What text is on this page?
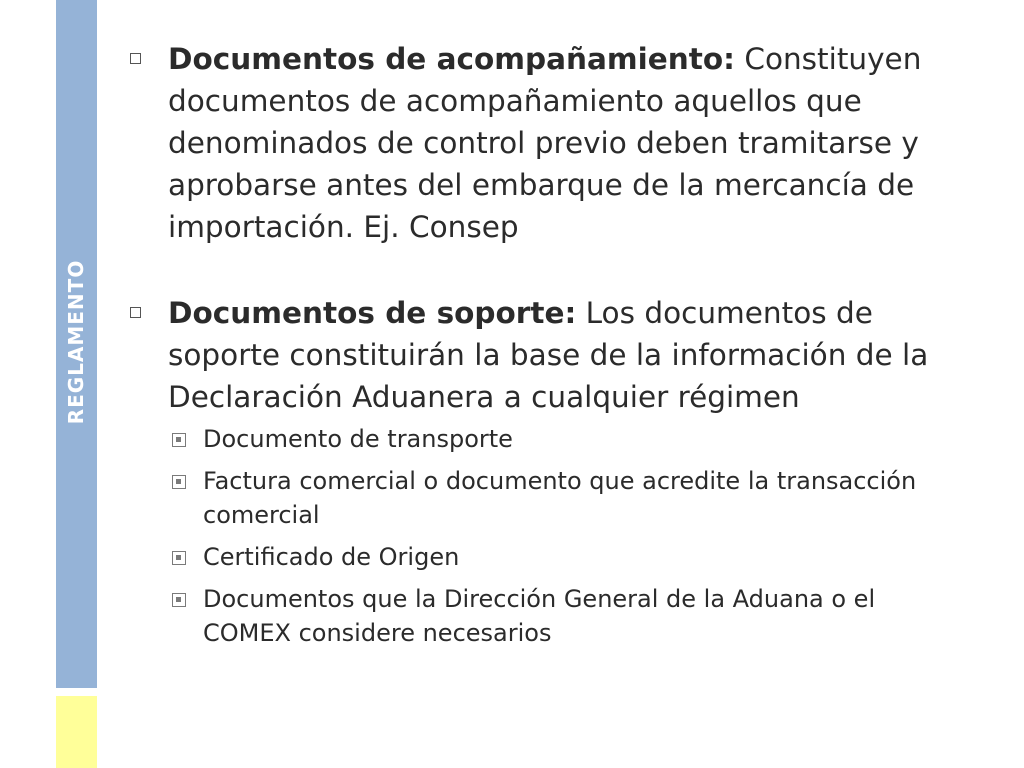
REGLAMENTO
Documentos de acompañamiento: Constituyen documentos de acompañamiento aquellos que denominados de control previo deben tramitarse y aprobarse antes del embarque de la mercancía de importación. Ej. Consep
Documentos de soporte: Los documentos de soporte constituirán la base de la información de la Declaración Aduanera a cualquier régimen
Documento de transporte
Factura comercial o documento que acredite la transacción comercial
Certificado de Origen
Documentos que la Dirección General de la Aduana o el COMEX considere necesarios
